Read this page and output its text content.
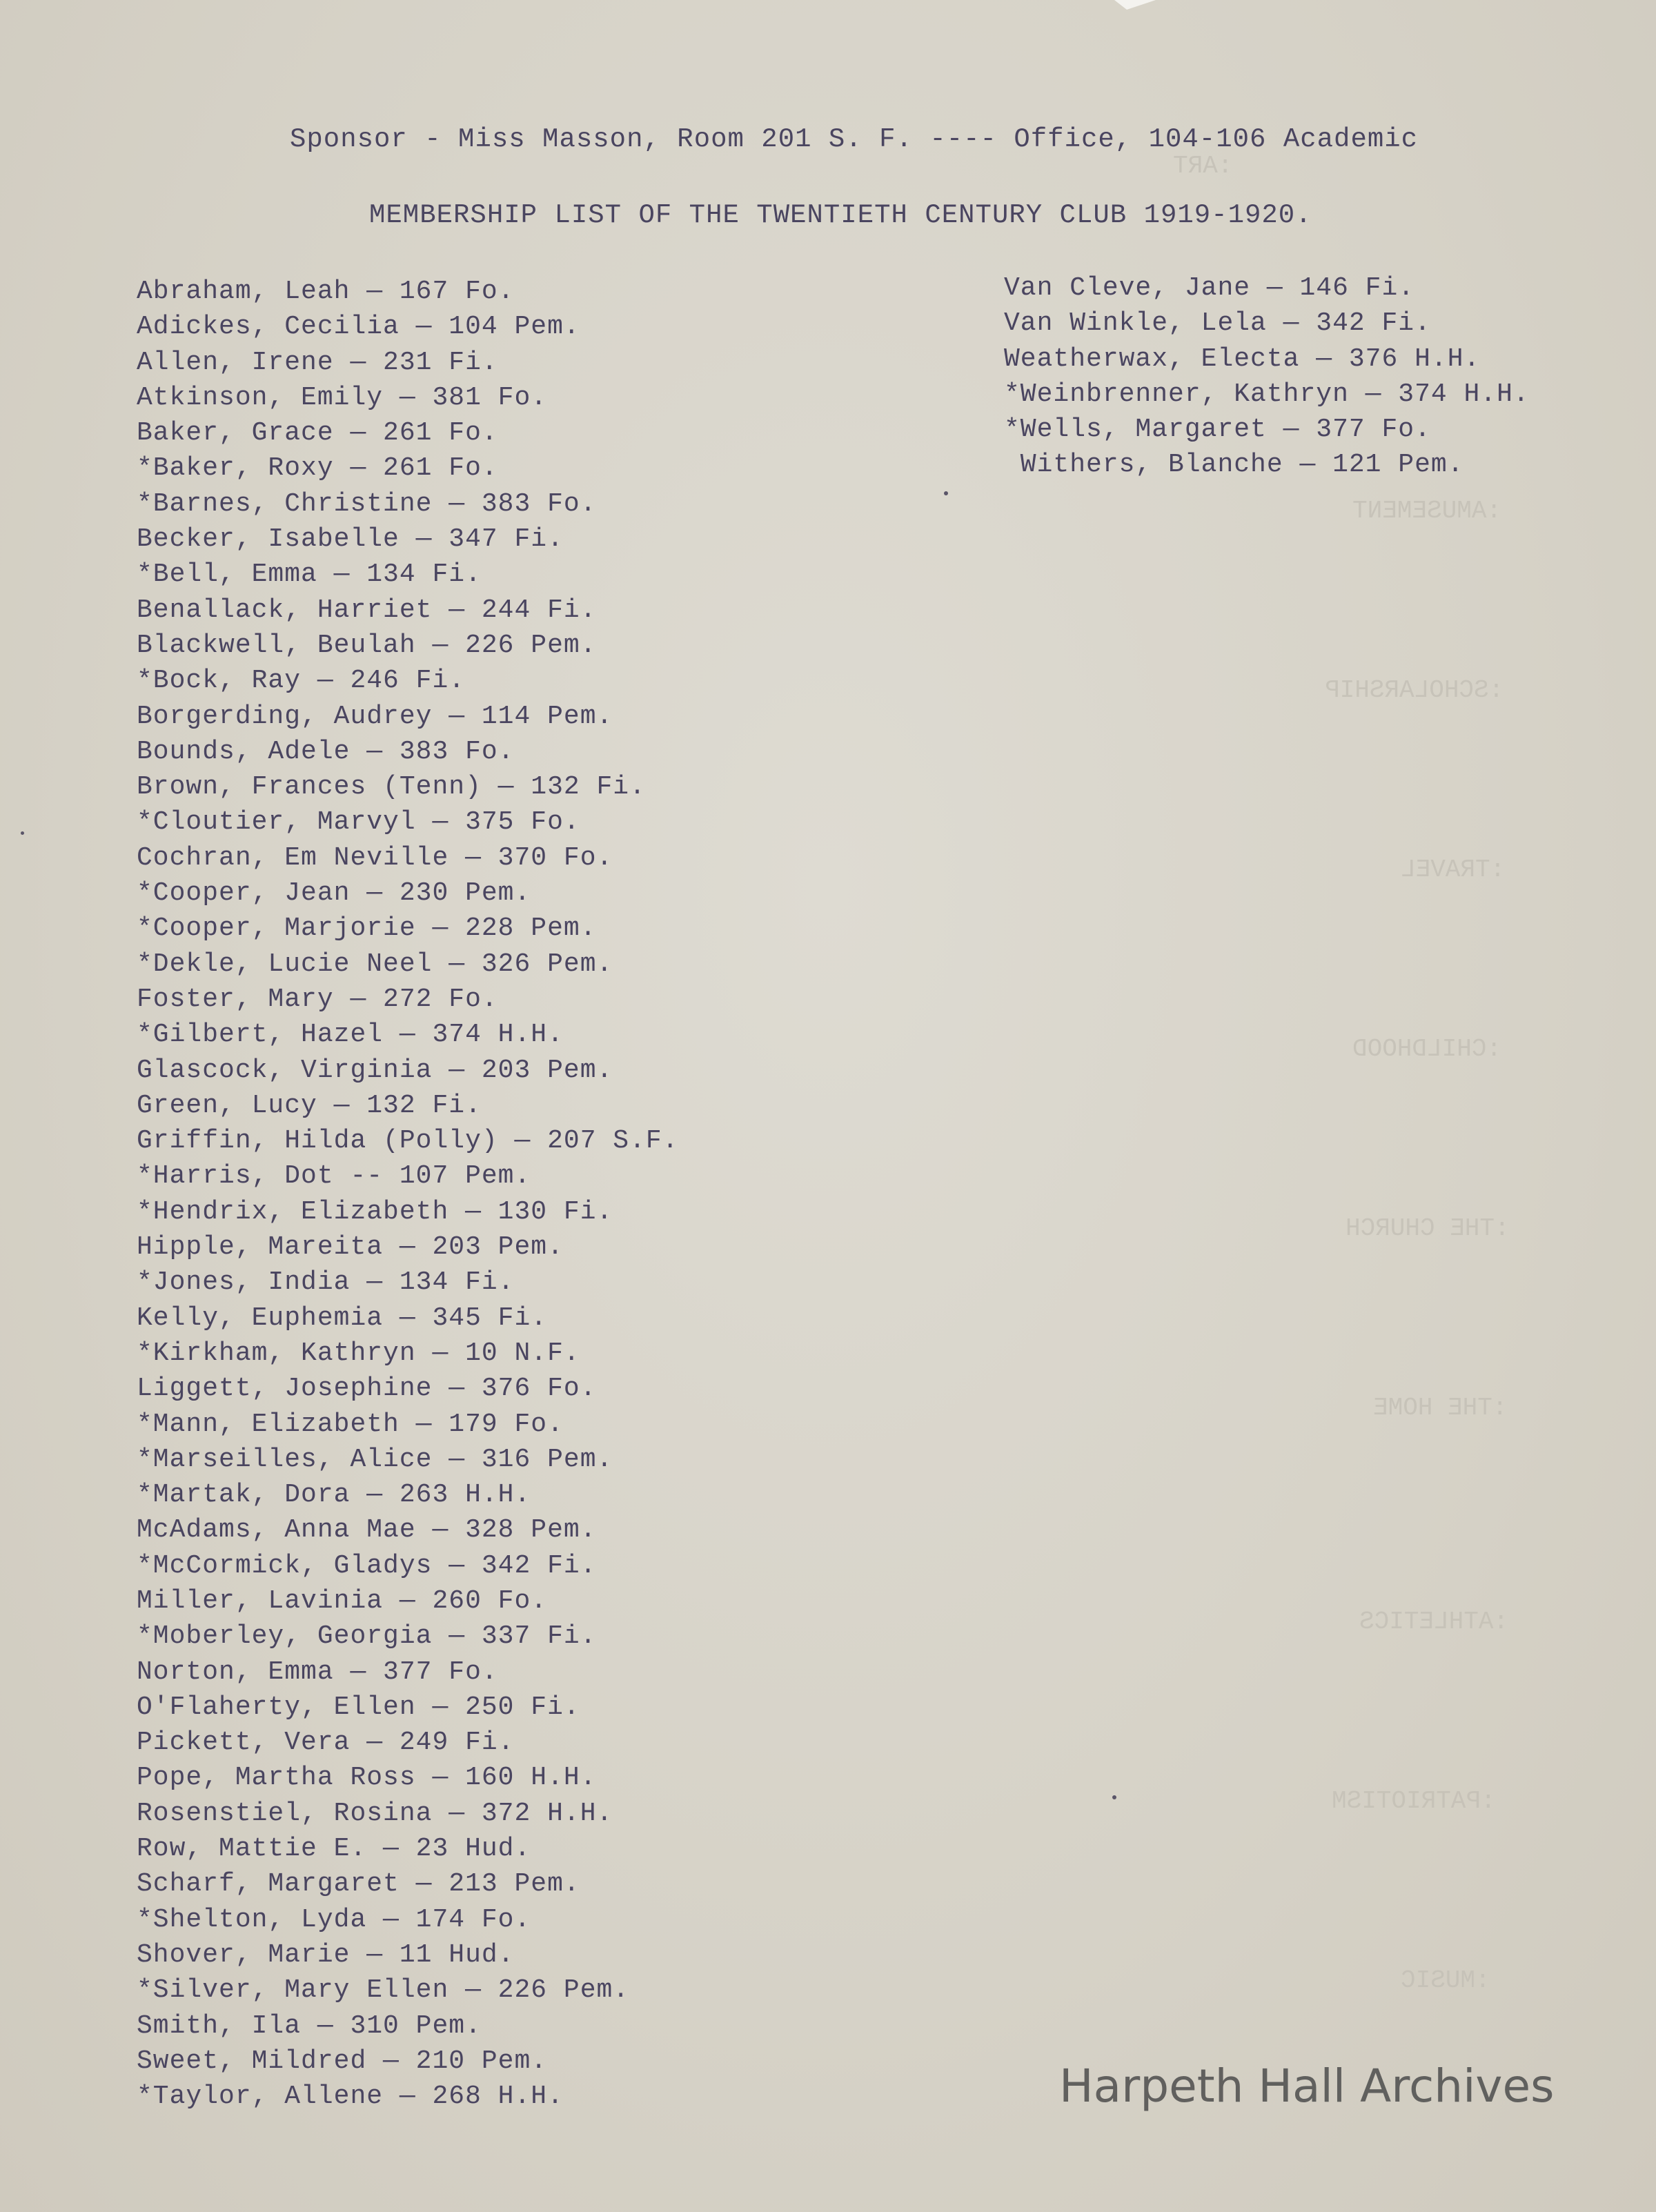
:ART
:AMUSEMENT
:SCHOLARSHIP
:TRAVEL
:CHILDHOOD
:THE CHURCH
:THE HOME
:ATHLETICS
:PATRIOTISM
:MUSIC
Sponsor - Miss Masson, Room 201 S. F. ---- Office, 104-106 Academic
MEMBERSHIP LIST OF THE TWENTIETH CENTURY CLUB 1919-1920.
Abraham, Leah — 167 Fo.
Adickes, Cecilia — 104 Pem.
Allen, Irene — 231 Fi.
Atkinson, Emily — 381 Fo.
Baker, Grace — 261 Fo.
*Baker, Roxy — 261 Fo.
*Barnes, Christine — 383 Fo.
Becker, Isabelle — 347 Fi.
*Bell, Emma — 134 Fi.
Benallack, Harriet — 244 Fi.
Blackwell, Beulah — 226 Pem.
*Bock, Ray — 246 Fi.
Borgerding, Audrey — 114 Pem.
Bounds, Adele — 383 Fo.
Brown, Frances (Tenn) — 132 Fi.
*Cloutier, Marvyl — 375 Fo.
Cochran, Em Neville — 370 Fo.
*Cooper, Jean — 230 Pem.
*Cooper, Marjorie — 228 Pem.
*Dekle, Lucie Neel — 326 Pem.
Foster, Mary — 272 Fo.
*Gilbert, Hazel — 374 H.H.
Glascock, Virginia — 203 Pem.
Green, Lucy — 132 Fi.
Griffin, Hilda (Polly) — 207 S.F.
*Harris, Dot -- 107 Pem.
*Hendrix, Elizabeth — 130 Fi.
Hipple, Mareita — 203 Pem.
*Jones, India — 134 Fi.
Kelly, Euphemia — 345 Fi.
*Kirkham, Kathryn — 10 N.F.
Liggett, Josephine — 376 Fo.
*Mann, Elizabeth — 179 Fo.
*Marseilles, Alice — 316 Pem.
*Martak, Dora — 263 H.H.
McAdams, Anna Mae — 328 Pem.
*McCormick, Gladys — 342 Fi.
Miller, Lavinia — 260 Fo.
*Moberley, Georgia — 337 Fi.
Norton, Emma — 377 Fo.
O'Flaherty, Ellen — 250 Fi.
Pickett, Vera — 249 Fi.
Pope, Martha Ross — 160 H.H.
Rosenstiel, Rosina — 372 H.H.
Row, Mattie E. — 23 Hud.
Scharf, Margaret — 213 Pem.
*Shelton, Lyda — 174 Fo.
Shover, Marie — 11 Hud.
*Silver, Mary Ellen — 226 Pem.
Smith, Ila — 310 Pem.
Sweet, Mildred — 210 Pem.
*Taylor, Allene — 268 H.H.
Van Cleve, Jane — 146 Fi.
Van Winkle, Lela — 342 Fi.
Weatherwax, Electa — 376 H.H.
*Weinbrenner, Kathryn — 374 H.H.
*Wells, Margaret — 377 Fo.
Withers, Blanche — 121 Pem.
Harpeth Hall Archives
